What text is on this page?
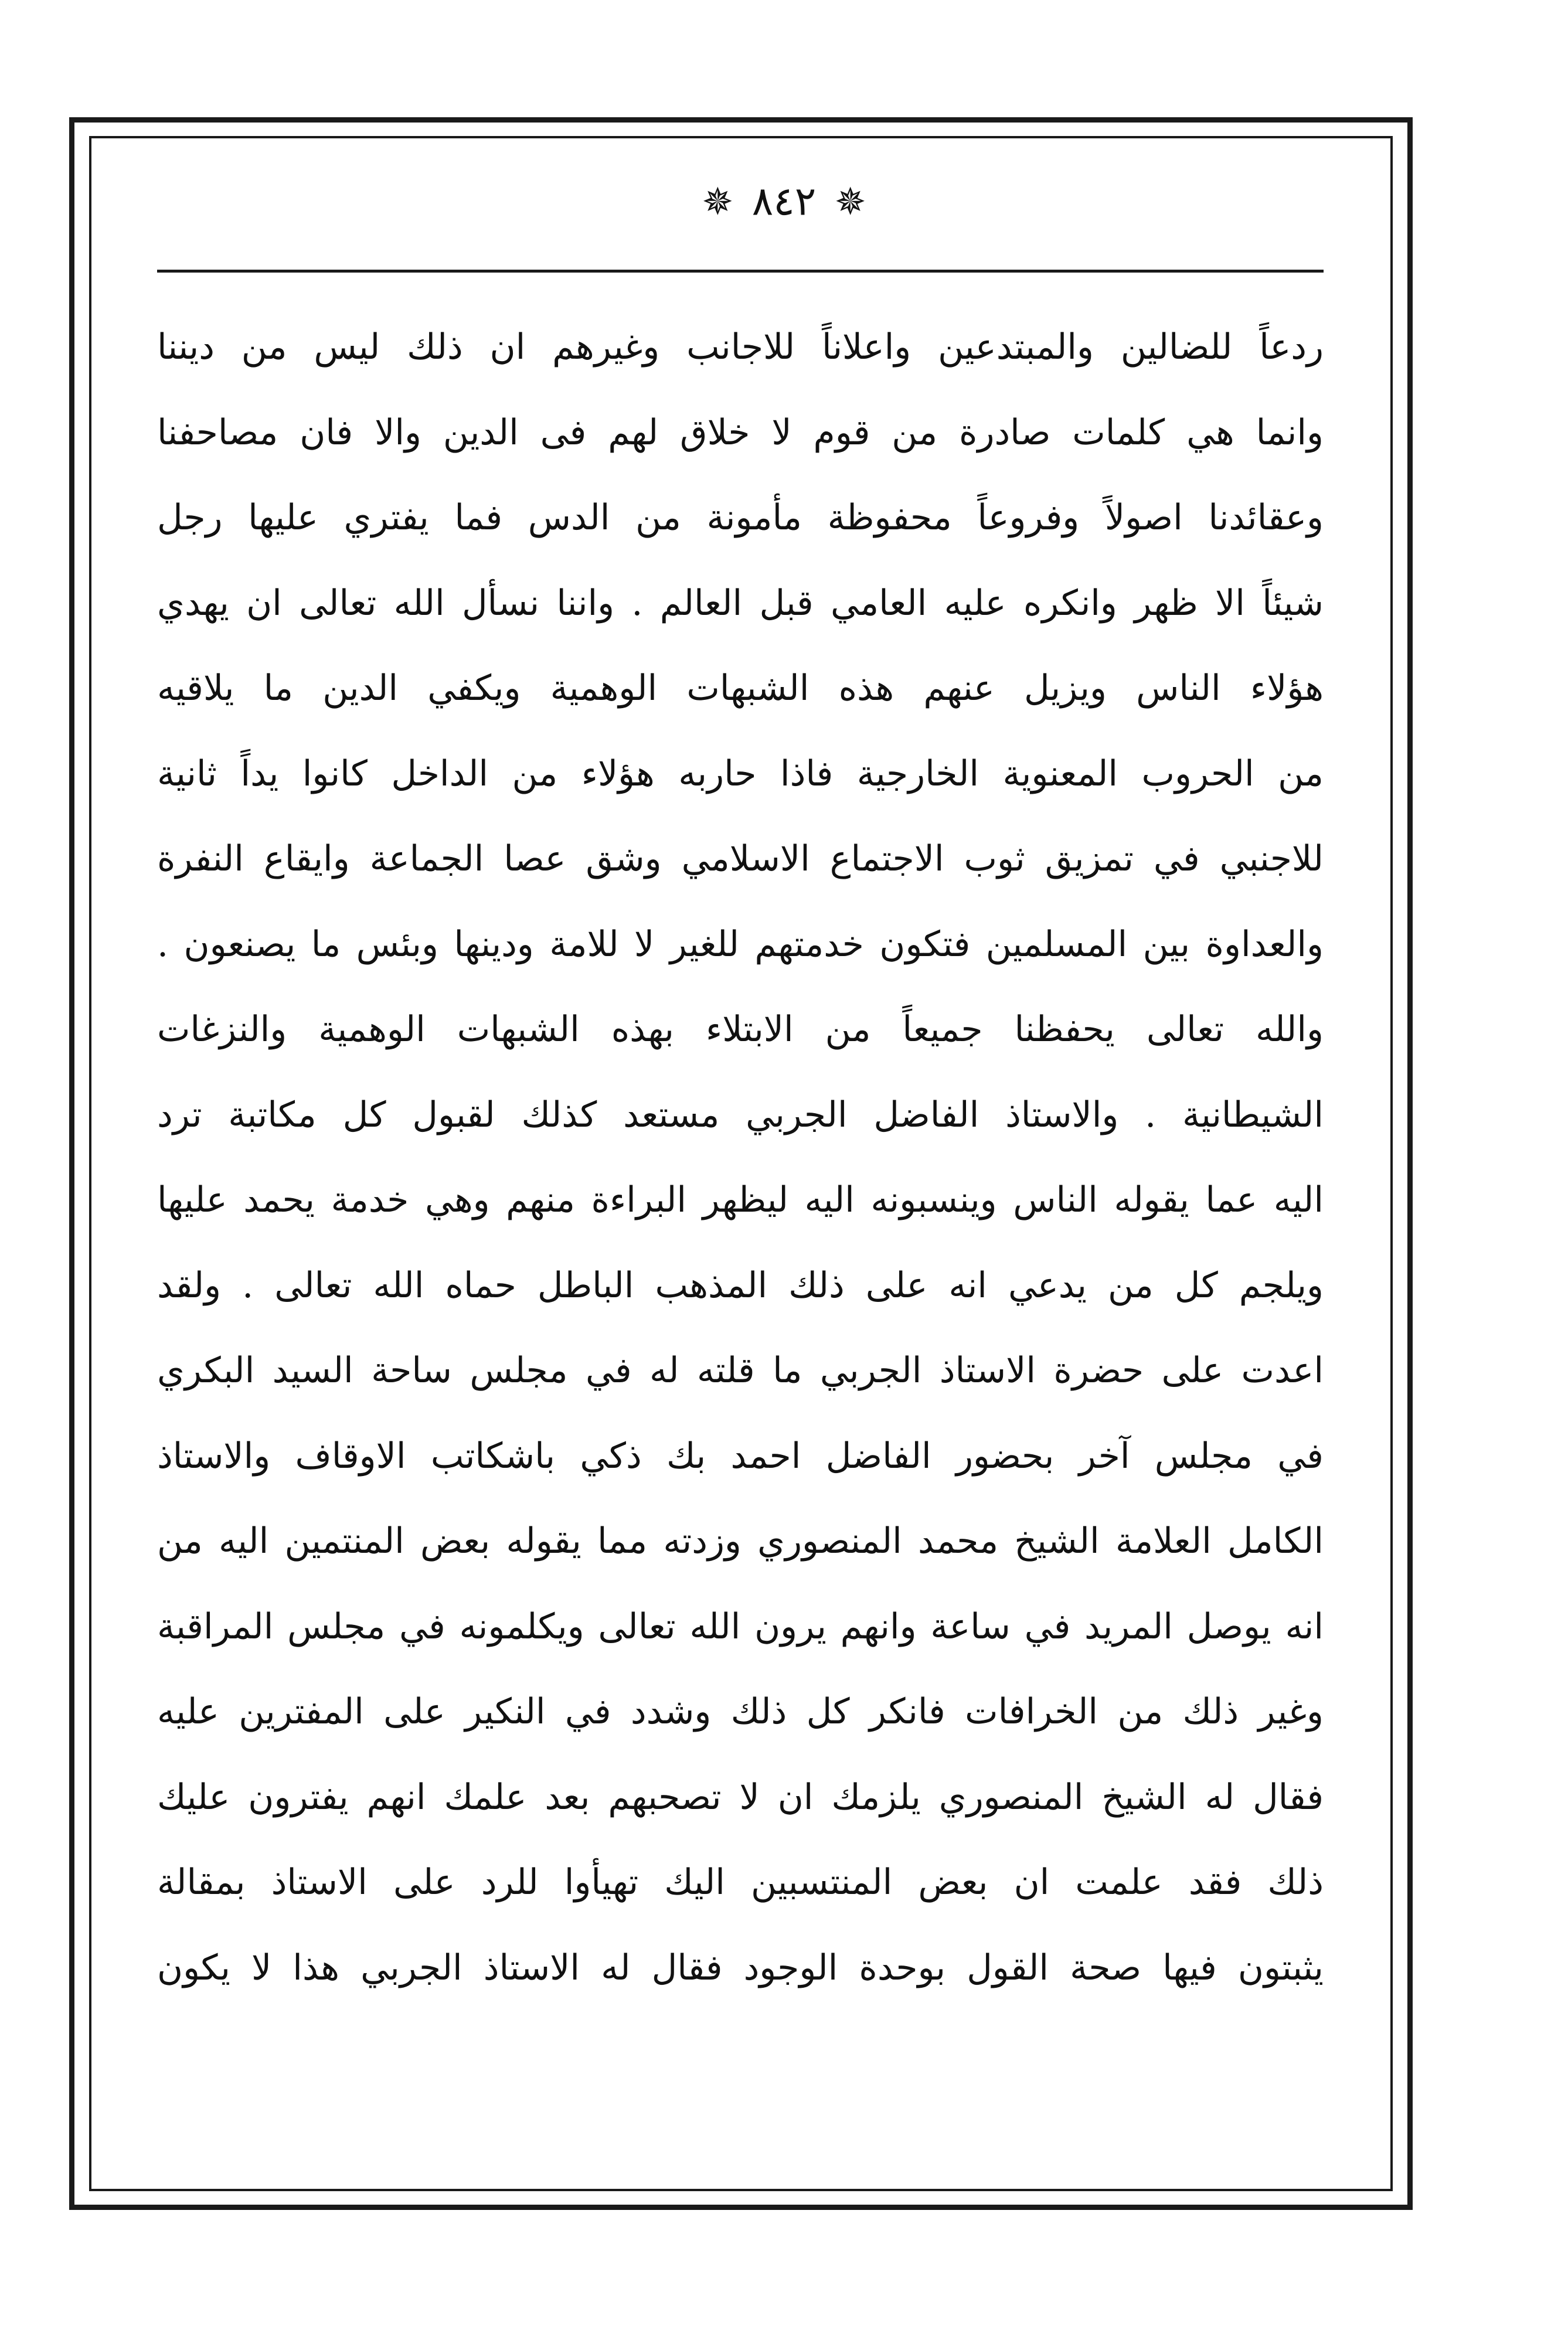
✵ ٨٤٢ ✵
ردعاً للضالين والمبتدعين واعلاناً للاجانب وغيرهم ان ذلك ليس من ديننا
وانما هي كلمات صادرة من قوم لا خلاق لهم فى الدين والا فان مصاحفنا
وعقائدنا اصولاً وفروعاً محفوظة مأمونة من الدس فما يفتري عليها رجل
شيئاً الا ظهر وانكره عليه العامي قبل العالم . واننا نسأل الله تعالى ان يهدي
هؤلاء الناس ويزيل عنهم هذه الشبهات الوهمية ويكفي الدين ما يلاقيه
من الحروب المعنوية الخارجية فاذا حاربه هؤلاء من الداخل كانوا يداً ثانية
للاجنبي في تمزيق ثوب الاجتماع الاسلامي وشق عصا الجماعة وايقاع النفرة
والعداوة بين المسلمين فتكون خدمتهم للغير لا للامة ودينها وبئس ما يصنعون .
والله تعالى يحفظنا جميعاً من الابتلاء بهذه الشبهات الوهمية والنزغات
الشيطانية . والاستاذ الفاضل الجربي مستعد كذلك لقبول كل مكاتبة ترد
اليه عما يقوله الناس وينسبونه اليه ليظهر البراءة منهم وهي خدمة يحمد عليها
ويلجم كل من يدعي انه على ذلك المذهب الباطل حماه الله تعالى . ولقد
اعدت على حضرة الاستاذ الجربي ما قلته له في مجلس ساحة السيد البكري
في مجلس آخر بحضور الفاضل احمد بك ذكي باشكاتب الاوقاف والاستاذ
الكامل العلامة الشيخ محمد المنصوري وزدته مما يقوله بعض المنتمين اليه من
انه يوصل المريد في ساعة وانهم يرون الله تعالى ويكلمونه في مجلس المراقبة
وغير ذلك من الخرافات فانكر كل ذلك وشدد في النكير على المفترين عليه
فقال له الشيخ المنصوري يلزمك ان لا تصحبهم بعد علمك انهم يفترون عليك
ذلك فقد علمت ان بعض المنتسبين اليك تهيأوا للرد على الاستاذ بمقالة
يثبتون فيها صحة القول بوحدة الوجود فقال له الاستاذ الجربي هذا لا يكون
